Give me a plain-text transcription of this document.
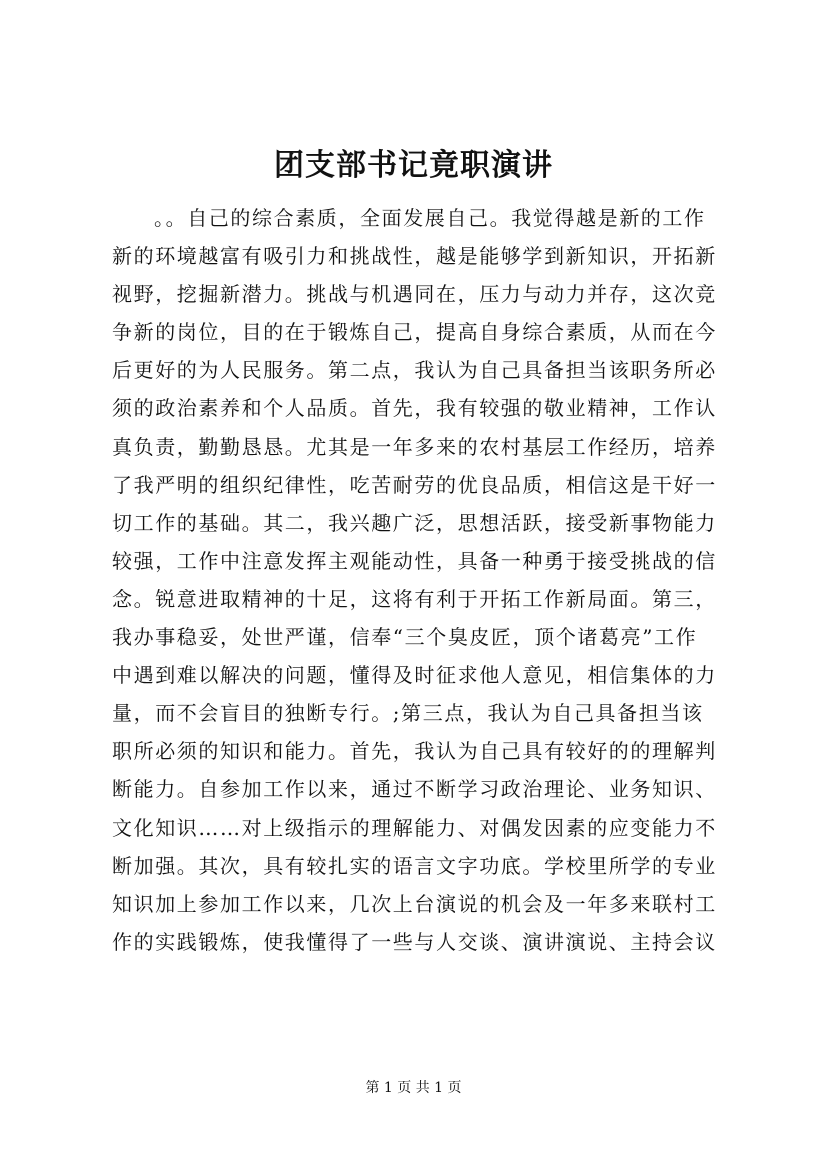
团支部书记竟职演讲
。。自己的综合素质，全面发展自己。我觉得越是新的工作
新的环境越富有吸引力和挑战性，越是能够学到新知识，开拓新
视野，挖掘新潜力。挑战与机遇同在，压力与动力并存，这次竞
争新的岗位，目的在于锻炼自己，提高自身综合素质，从而在今
后更好的为人民服务。第二点，我认为自己具备担当该职务所必
须的政治素养和个人品质。首先，我有较强的敬业精神，工作认
真负责，勤勤恳恳。尤其是一年多来的农村基层工作经历，培养
了我严明的组织纪律性，吃苦耐劳的优良品质，相信这是干好一
切工作的基础。其二，我兴趣广泛，思想活跃，接受新事物能力
较强，工作中注意发挥主观能动性，具备一种勇于接受挑战的信
念。锐意进取精神的十足，这将有利于开拓工作新局面。第三，
我办事稳妥，处世严谨，信奉“三个臭皮匠，顶个诸葛亮”工作
中遇到难以解决的问题，懂得及时征求他人意见，相信集体的力
量，而不会盲目的独断专行。;第三点，我认为自己具备担当该
职所必须的知识和能力。首先，我认为自己具有较好的的理解判
断能力。自参加工作以来，通过不断学习政治理论、业务知识、
文化知识……对上级指示的理解能力、对偶发因素的应变能力不
断加强。其次，具有较扎实的语言文字功底。学校里所学的专业
知识加上参加工作以来，几次上台演说的机会及一年多来联村工
作的实践锻炼，使我懂得了一些与人交谈、演讲演说、主持会议
第 1 页 共 1 页
